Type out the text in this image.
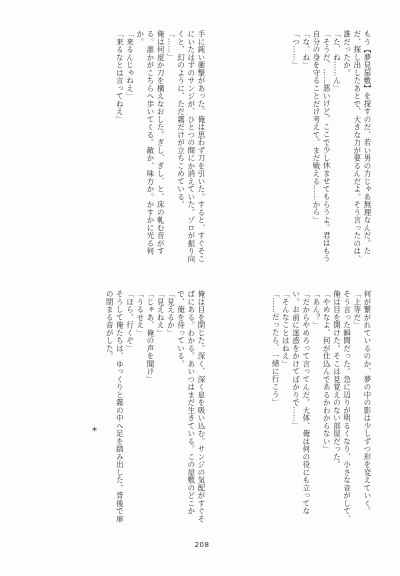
もう【夢見屋敷】を探すのだ、若い男の力じゃあ無理なんだ。ただ、探し出したあとで、大きな力が要るんだよ。そう言ったのは、誰だったか。
「た、ね……ん」
「そうだ、……悪いけど、ここで少し休ませてもらうよ。君はもう自分の身を守ることだけ考えて。まだ戦える……から」
「な、ね」
「つ……」
手に鈍い衝撃があった。俺は思わず刀を引いた。すると、すぐそこにいたはずのサンジが、ひとつの間にか消えていた。ゾロが振り向くと、幻のように、ただ霧だけが立ちこめている。
「……」
俺は何度か刀を構えなおした。ぎし、ぎし、と、床の軋む音がする。誰かがこちらへ歩いてくる。敵か、味方か。かすかに光る何か。
「来るんじゃねえ」
「来るなとは言ってねえ」
何が繋がれているのか、夢の中の影は少しずつ形を変えていく。
「上等だ」
そう言った瞬間だった。急に辺りが明るくなり、小さな音がして、俺は目を開けた。そこは見覚えのない部屋だった。
「やめなよ、何が仕込んであるかわからない」
「あん？」
「だからやめろって言ってんだ。大体、俺は何の役にも立ってない。お前に迷惑をかけてばかりで……」
「そんなことはねえ」
「……だったら、一緒に行こう」
俺は目を閉じた。深く、深く息を吸い込む。サンジの気配がすぐそばにある。わかる。あいつはまだ生きている。この屋敷のどこかで、俺を待っている。
「見えるか」
「見えねえ」
「じゃあ、俺の声を聞け」
「うるせえ」
「ほら、行くぞ」
そうして俺たちは、ゆっくりと霧の中へ足を踏み出した。背後で扉の閉まる音がした。
*
208
